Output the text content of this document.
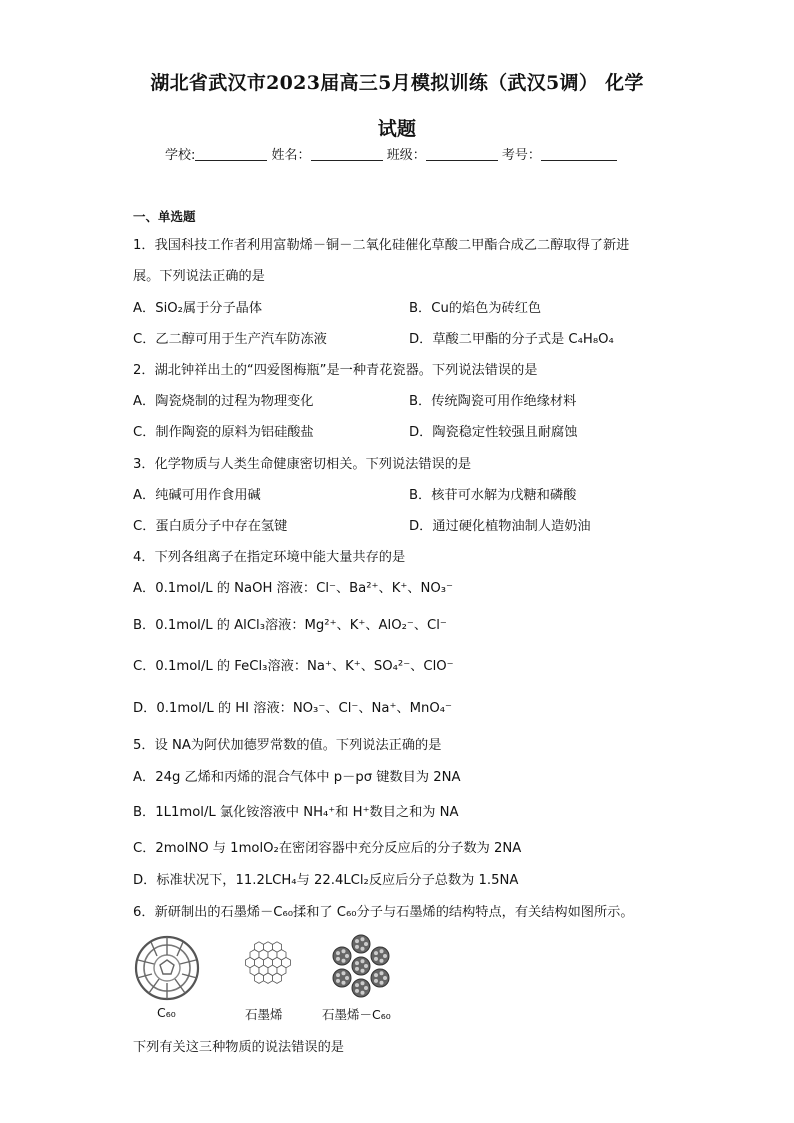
湖北省武汉市2023届高三5月模拟训练（武汉5调） 化学
试题
学校:	姓名：	班级：	考号：
一、单选题
1．我国科技工作者利用富勒烯－铜－二氧化硅催化草酸二甲酯合成乙二醇取得了新进
展。下列说法正确的是
A．SiO₂属于分子晶体	B．Cu的焰色为砖红色
C．乙二醇可用于生产汽车防冻液	D．草酸二甲酯的分子式是 C₄H₈O₄
2．湖北钟祥出土的“四爱图梅瓶”是一种青花瓷器。下列说法错误的是
A．陶瓷烧制的过程为物理变化	B．传统陶瓷可用作绝缘材料
C．制作陶瓷的原料为铝硅酸盐	D．陶瓷稳定性较强且耐腐蚀
3．化学物质与人类生命健康密切相关。下列说法错误的是
A．纯碱可用作食用碱	B．核苷可水解为戊糖和磷酸
C．蛋白质分子中存在氢键	D．通过硬化植物油制人造奶油
4．下列各组离子在指定环境中能大量共存的是
A．0.1mol/L 的 NaOH 溶液：Cl⁻、Ba²⁺、K⁺、NO₃⁻
B．0.1mol/L 的 AlCl₃溶液：Mg²⁺、K⁺、AlO₂⁻、Cl⁻
C．0.1mol/L 的 FeCl₃溶液：Na⁺、K⁺、SO₄²⁻、ClO⁻
D．0.1mol/L 的 HI 溶液：NO₃⁻、Cl⁻、Na⁺、MnO₄⁻
5．设 NA为阿伏加德罗常数的值。下列说法正确的是
A．24g 乙烯和丙烯的混合气体中 p－pσ 键数目为 2NA
B．1L1mol/L 氯化铵溶液中 NH₄⁺和 H⁺数目之和为 NA
C．2molNO 与 1molO₂在密闭容器中充分反应后的分子数为 2NA
D．标准状况下，11.2LCH₄与 22.4LCl₂反应后分子总数为 1.5NA
6．新研制出的石墨烯－C₆₀揉和了 C₆₀分子与石墨烯的结构特点，有关结构如图所示。
C₆₀	石墨烯	石墨烯－C₆₀
下列有关这三种物质的说法错误的是
